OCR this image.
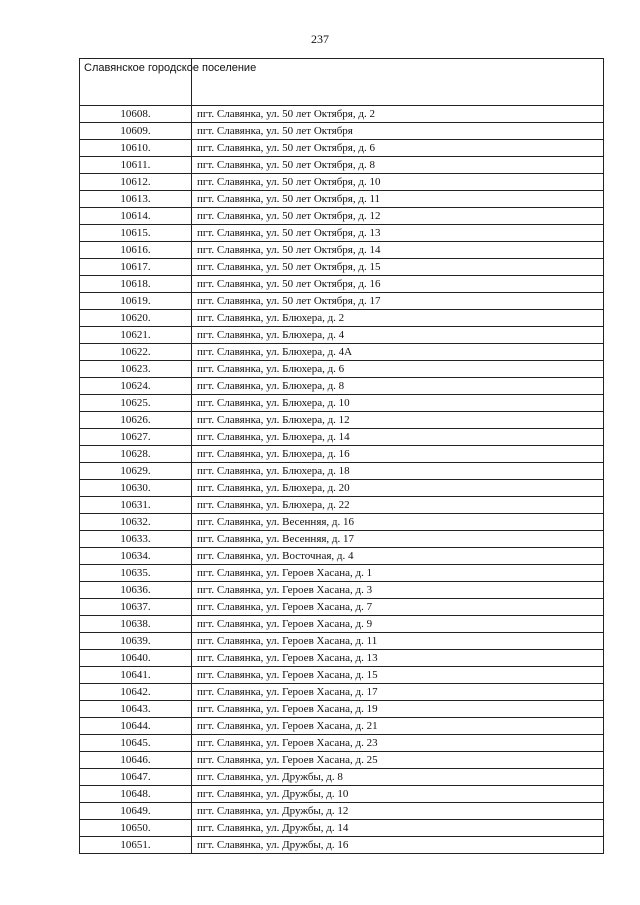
237
Славянское городское поселение	
10608.	пгт. Славянка, ул. 50 лет Октября, д. 2
10609.	пгт. Славянка, ул. 50 лет Октября
10610.	пгт. Славянка, ул. 50 лет Октября, д. 6
10611.	пгт. Славянка, ул. 50 лет Октября, д. 8
10612.	пгт. Славянка, ул. 50 лет Октября, д. 10
10613.	пгт. Славянка, ул. 50 лет Октября, д. 11
10614.	пгт. Славянка, ул. 50 лет Октября, д. 12
10615.	пгт. Славянка, ул. 50 лет Октября, д. 13
10616.	пгт. Славянка, ул. 50 лет Октября, д. 14
10617.	пгт. Славянка, ул. 50 лет Октября, д. 15
10618.	пгт. Славянка, ул. 50 лет Октября, д. 16
10619.	пгт. Славянка, ул. 50 лет Октября, д. 17
10620.	пгт. Славянка, ул. Блюхера, д. 2
10621.	пгт. Славянка, ул. Блюхера, д. 4
10622.	пгт. Славянка, ул. Блюхера, д. 4А
10623.	пгт. Славянка, ул. Блюхера, д. 6
10624.	пгт. Славянка, ул. Блюхера, д. 8
10625.	пгт. Славянка, ул. Блюхера, д. 10
10626.	пгт. Славянка, ул. Блюхера, д. 12
10627.	пгт. Славянка, ул. Блюхера, д. 14
10628.	пгт. Славянка, ул. Блюхера, д. 16
10629.	пгт. Славянка, ул. Блюхера, д. 18
10630.	пгт. Славянка, ул. Блюхера, д. 20
10631.	пгт. Славянка, ул. Блюхера, д. 22
10632.	пгт. Славянка, ул. Весенняя, д. 16
10633.	пгт. Славянка, ул. Весенняя, д. 17
10634.	пгт. Славянка, ул. Восточная, д. 4
10635.	пгт. Славянка, ул. Героев Хасана, д. 1
10636.	пгт. Славянка, ул. Героев Хасана, д. 3
10637.	пгт. Славянка, ул. Героев Хасана, д. 7
10638.	пгт. Славянка, ул. Героев Хасана, д. 9
10639.	пгт. Славянка, ул. Героев Хасана, д. 11
10640.	пгт. Славянка, ул. Героев Хасана, д. 13
10641.	пгт. Славянка, ул. Героев Хасана, д. 15
10642.	пгт. Славянка, ул. Героев Хасана, д. 17
10643.	пгт. Славянка, ул. Героев Хасана, д. 19
10644.	пгт. Славянка, ул. Героев Хасана, д. 21
10645.	пгт. Славянка, ул. Героев Хасана, д. 23
10646.	пгт. Славянка, ул. Героев Хасана, д. 25
10647.	пгт. Славянка, ул. Дружбы, д. 8
10648.	пгт. Славянка, ул. Дружбы, д. 10
10649.	пгт. Славянка, ул. Дружбы, д. 12
10650.	пгт. Славянка, ул. Дружбы, д. 14
10651.	пгт. Славянка, ул. Дружбы, д. 16
